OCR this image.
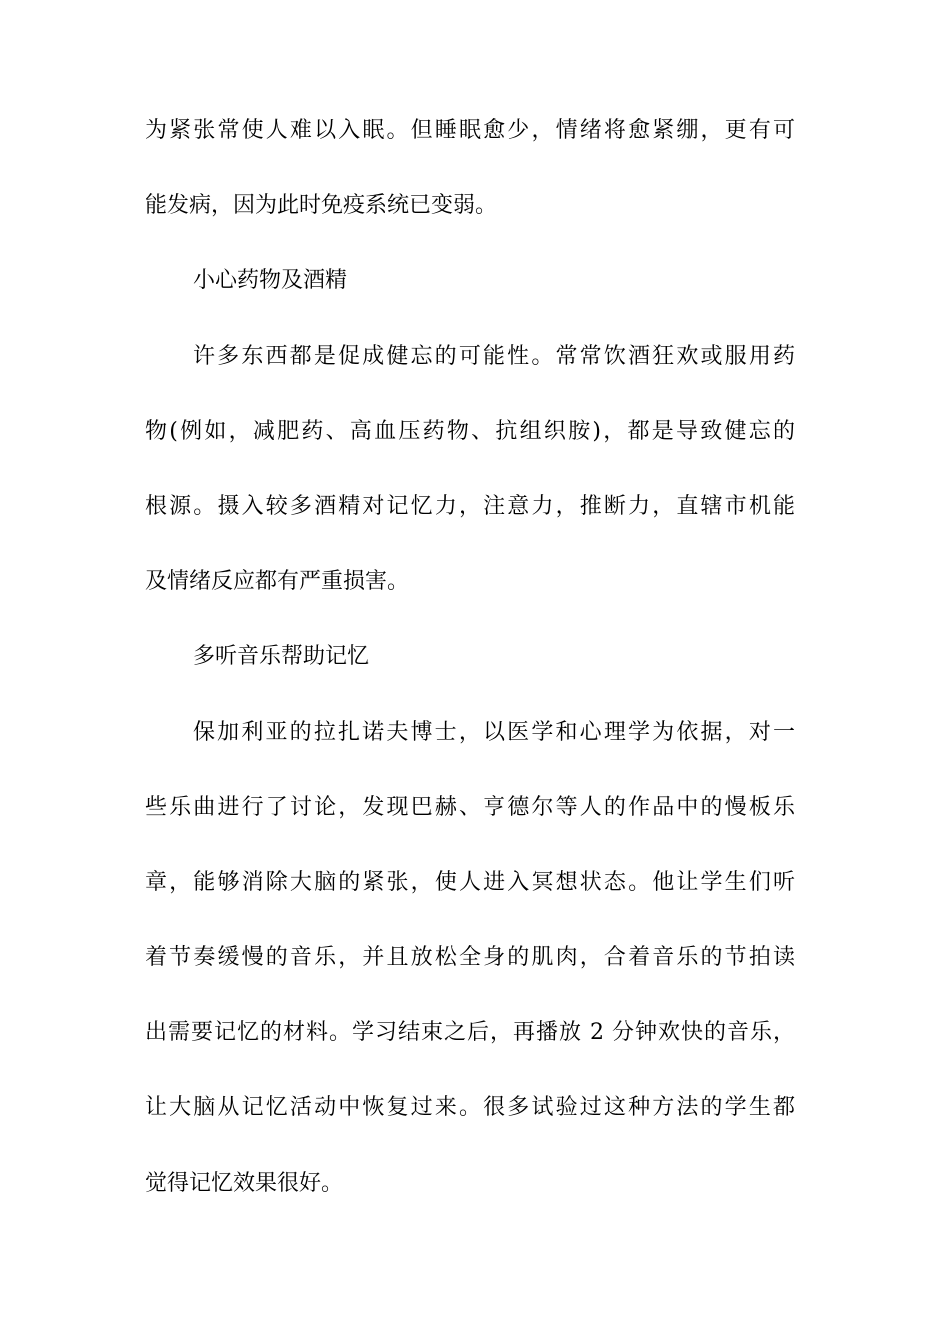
为紧张常使人难以入眠。但睡眠愈少，情绪将愈紧绷，更有可
能发病，因为此时免疫系统已变弱。
小心药物及酒精
许多东西都是促成健忘的可能性。常常饮酒狂欢或服用药
物(例如，减肥药、高血压药物、抗组织胺)，都是导致健忘的
根源。摄入较多酒精对记忆力，注意力，推断力，直辖市机能
及情绪反应都有严重损害。
多听音乐帮助记忆
保加利亚的拉扎诺夫博士，以医学和心理学为依据，对一
些乐曲进行了讨论，发现巴赫、亨德尔等人的作品中的慢板乐
章，能够消除大脑的紧张，使人进入冥想状态。他让学生们听
着节奏缓慢的音乐，并且放松全身的肌肉，合着音乐的节拍读
出需要记忆的材料。学习结束之后，再播放 2 分钟欢快的音乐，
让大脑从记忆活动中恢复过来。很多试验过这种方法的学生都
觉得记忆效果很好。
